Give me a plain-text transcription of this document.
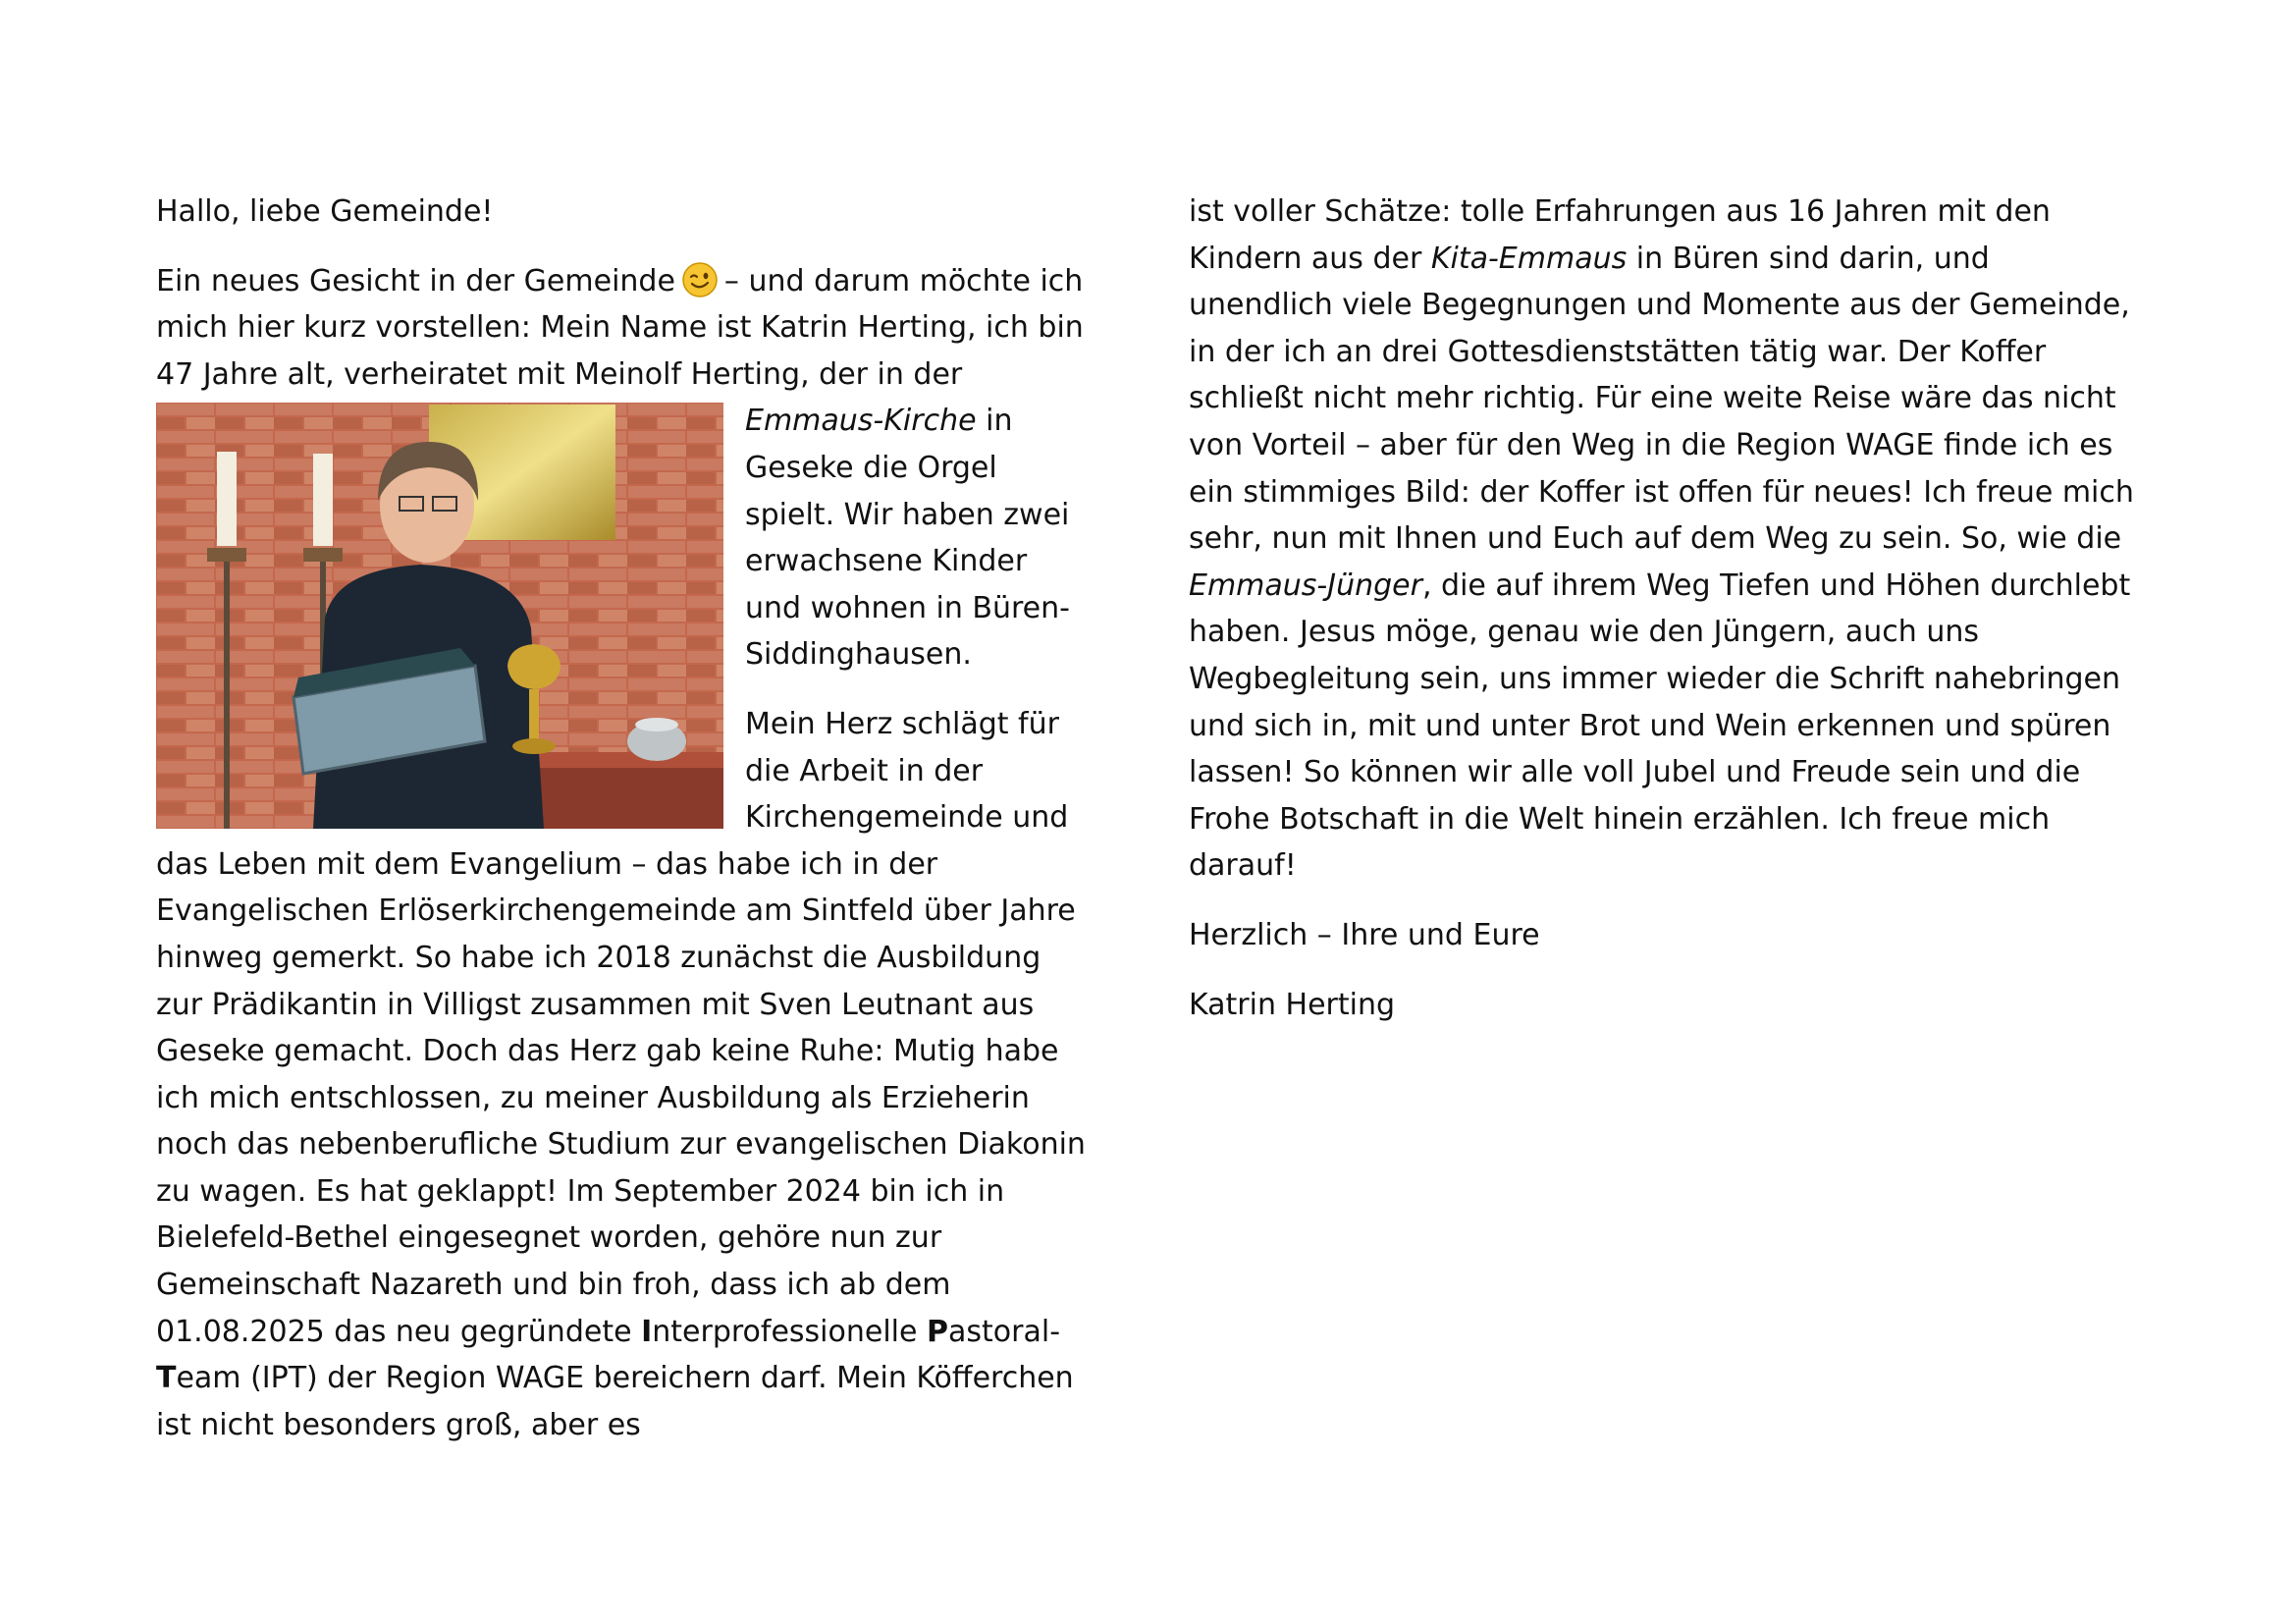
Hallo, liebe Gemeinde!

Ein neues Gesicht in der Gemeinde – und darum möchte ich mich hier kurz vorstellen: Mein Name ist Katrin Herting, ich bin 47 Jahre alt, verheiratet mit Meinolf Herting, der in der
Emmaus-Kirche in Geseke die Orgel spielt. Wir haben zwei erwachsene Kinder und wohnen in Büren-Siddinghausen.

Mein Herz schlägt für die Arbeit in der Kirchengemeinde und das Leben mit dem Evangelium – das habe ich in der Evangelischen Erlöserkirchengemeinde am Sintfeld über Jahre hinweg gemerkt. So habe ich 2018 zunächst die Ausbildung zur Prädikantin in Villigst zusammen mit Sven Leutnant aus Geseke gemacht. Doch das Herz gab keine Ruhe: Mutig habe ich mich entschlossen, zu meiner Ausbildung als Erzieherin noch das nebenberufliche Studium zur evangelischen Diakonin zu wagen. Es hat geklappt! Im September 2024 bin ich in Bielefeld-Bethel eingesegnet worden, gehöre nun zur Gemeinschaft Nazareth und bin froh, dass ich ab dem 01.08.2025 das neu gegründete Interprofessionelle Pastoral-Team (IPT) der Region WAGE bereichern darf. Mein Köfferchen ist nicht besonders groß, aber es

ist voller Schätze: tolle Erfahrungen aus 16 Jahren mit den Kindern aus der Kita-Emmaus in Büren sind darin, und unendlich viele Begegnungen und Momente aus der Gemeinde, in der ich an drei Gottesdienststätten tätig war. Der Koffer schließt nicht mehr richtig. Für eine weite Reise wäre das nicht von Vorteil – aber für den Weg in die Region WAGE finde ich es ein stimmiges Bild: der Koffer ist offen für neues! Ich freue mich sehr, nun mit Ihnen und Euch auf dem Weg zu sein. So, wie die Emmaus-Jünger, die auf ihrem Weg Tiefen und Höhen durchlebt haben. Jesus möge, genau wie den Jüngern, auch uns Wegbegleitung sein, uns immer wieder die Schrift nahebringen und sich in, mit und unter Brot und Wein erkennen und spüren lassen! So können wir alle voll Jubel und Freude sein und die Frohe Botschaft in die Welt hinein erzählen. Ich freue mich darauf!

Herzlich – Ihre und Eure

Katrin Herting
